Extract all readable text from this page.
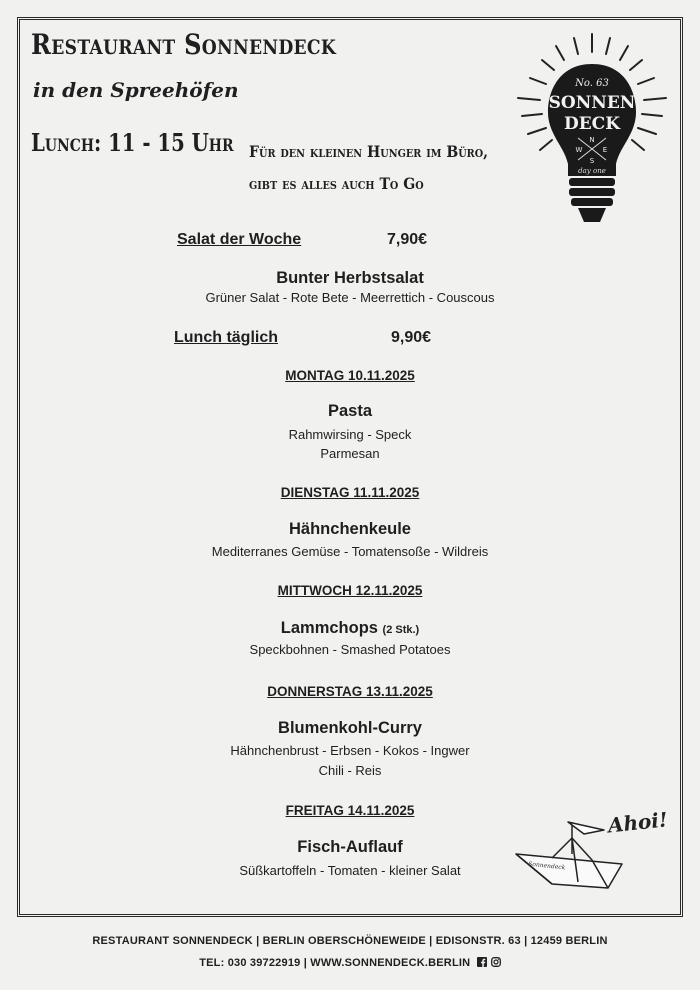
Restaurant Sonnendeck
in den Spreehöfen
Lunch: 11 - 15 Uhr Für den kleinen Hunger im Büro,
gibt es alles auch To Go
No. 63
SONNEN
DECK
N
S
E
W
day one
Salat der Woche	7,90€
Bunter Herbstsalat
Grüner Salat - Rote Bete - Meerrettich - Couscous
Lunch täglich	9,90€
MONTAG 10.11.2025
Pasta
Rahmwirsing - Speck
Parmesan
DIENSTAG 11.11.2025
Hähnchenkeule
Mediterranes Gemüse - Tomatensoße - Wildreis
MITTWOCH 12.11.2025
Lammchops (2 Stk.)
Speckbohnen - Smashed Potatoes
DONNERSTAG 13.11.2025
Blumenkohl-Curry
Hähnchenbrust - Erbsen - Kokos - Ingwer
Chili - Reis
FREITAG 14.11.2025
Fisch-Auflauf
Süßkartoffeln - Tomaten - kleiner Salat
Ahoi!
Sonnendeck
RESTAURANT SONNENDECK | BERLIN OBERSCHÖNEWEIDE | EDISONSTR. 63 | 12459 BERLIN
TEL: 030 39722919 | WWW.SONNENDECK.BERLIN
